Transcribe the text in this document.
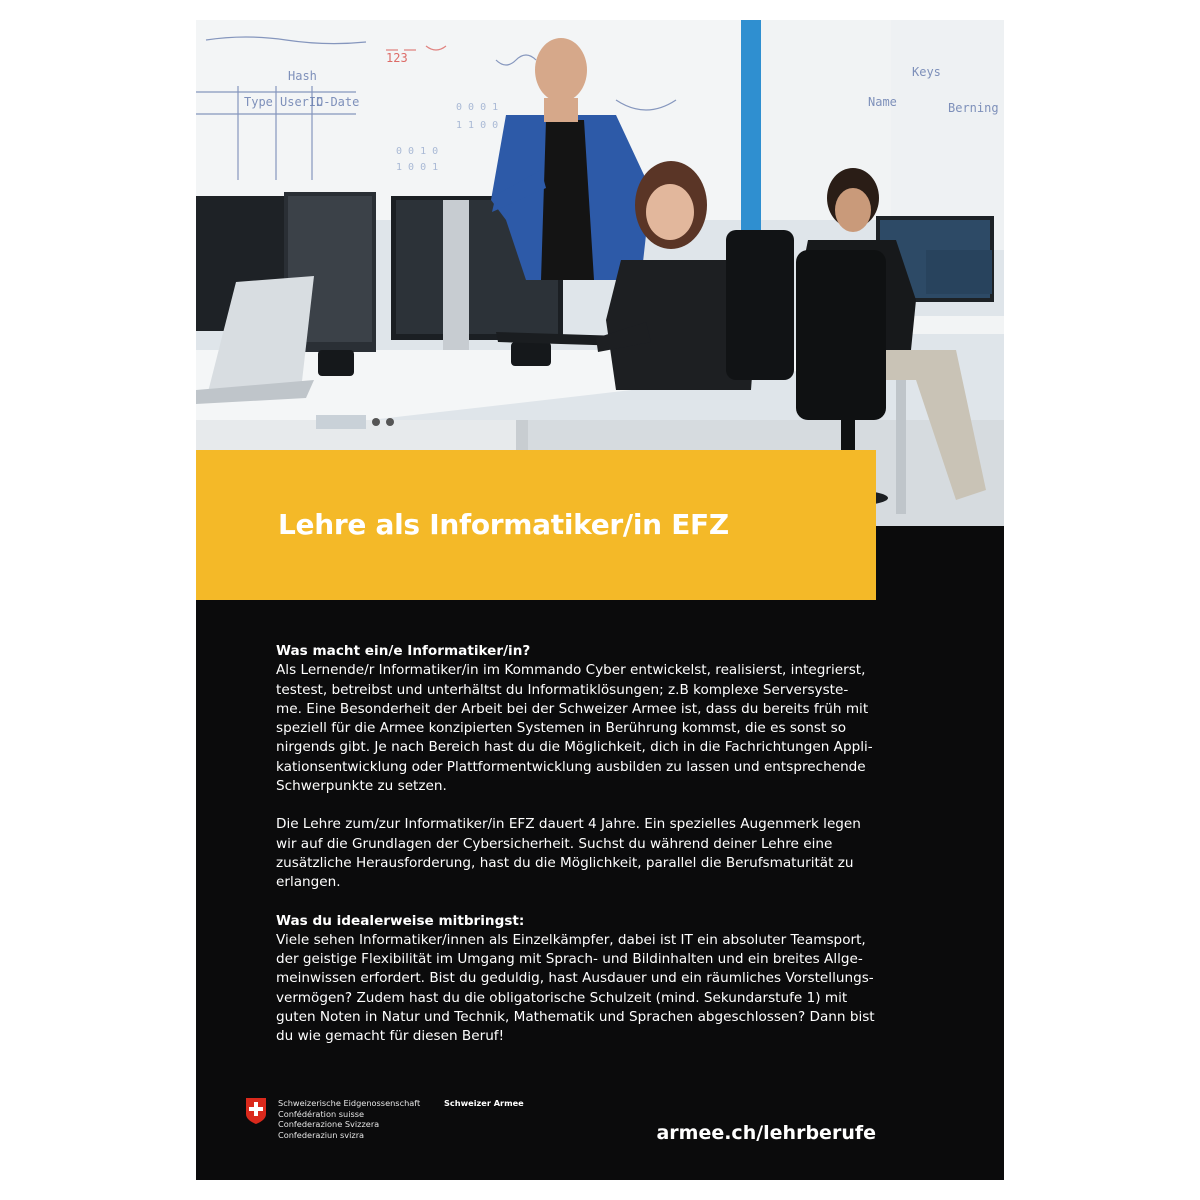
Hash
Type UserID
C-Date	Name	Berning
123
Keys
0 0 1 0
1 0 0 1
0 0 0 1
1 1 0 0
Lehre als Informatiker/in EFZ

Was macht ein/e Informatiker/in?

Als Lernende/r Informatiker/in im Kommando Cyber entwickelst, realisierst, integrierst,

testest, betreibst und unterhältst du Informatiklösungen; z.B komplexe Serversyste-

me. Eine Besonderheit der Arbeit bei der Schweizer Armee ist, dass du bereits früh mit

speziell für die Armee konzipierten Systemen in Berührung kommst, die es sonst so

nirgends gibt. Je nach Bereich hast du die Möglichkeit, dich in die Fachrichtungen Appli-

kationsentwicklung oder Plattformentwicklung ausbilden zu lassen und entsprechende

Schwerpunkte zu setzen.

Die Lehre zum/zur Informatiker/in EFZ dauert 4 Jahre. Ein spezielles Augenmerk legen

wir auf die Grundlagen der Cybersicherheit. Suchst du während deiner Lehre eine

zusätzliche Herausforderung, hast du die Möglichkeit, parallel die Berufsmaturität zu

erlangen.

Was du idealerweise mitbringst:

Viele sehen Informatiker/innen als Einzelkämpfer, dabei ist IT ein absoluter Teamsport,

der geistige Flexibilität im Umgang mit Sprach- und Bildinhalten und ein breites Allge-

meinwissen erfordert. Bist du geduldig, hast Ausdauer und ein räumliches Vorstellungs-

vermögen? Zudem hast du die obligatorische Schulzeit (mind. Sekundarstufe 1) mit

guten Noten in Natur und Technik, Mathematik und Sprachen abgeschlossen? Dann bist

du wie gemacht für diesen Beruf!

Schweizerische Eidgenossenschaft
Confédération suisse
Confederazione Svizzera
Confederaziun svizra
Schweizer Armee
armee.ch/lehrberufe
